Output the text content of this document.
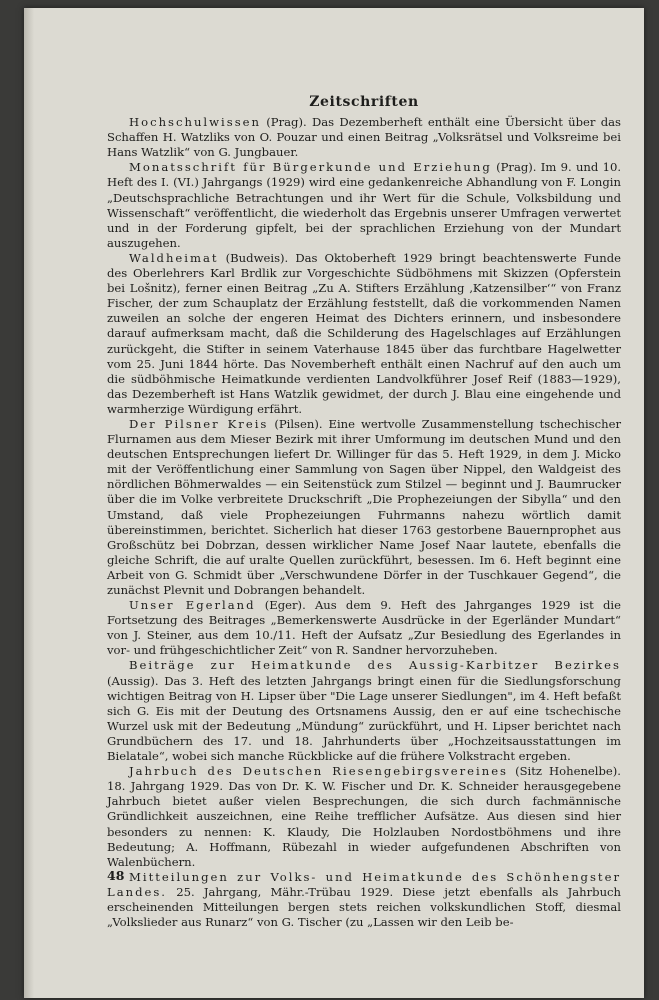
Zeitschriften

Hochschulwissen (Prag). Das Dezemberheft enthält eine Übersicht über das Schaffen H. Watzliks von O. Pouzar und einen Beitrag „Volksrätsel und Volksreime bei Hans Watzlik“ von G. Jungbauer.

Monatsschrift für Bürgerkunde und Erziehung (Prag). Im 9. und 10. Heft des I. (VI.) Jahrgangs (1929) wird eine gedankenreiche Abhandlung von F. Longin „Deutschsprachliche Betrachtungen und ihr Wert für die Schule, Volksbildung und Wissenschaft“ veröffentlicht, die wiederholt das Ergebnis unserer Umfragen verwertet und in der Forderung gipfelt, bei der sprachlichen Erziehung von der Mundart auszugehen.

Waldheimat (Budweis). Das Oktoberheft 1929 bringt beachtenswerte Funde des Oberlehrers Karl Brdlik zur Vorgeschichte Südböhmens mit Skizzen (Opferstein bei Lošnitz), ferner einen Beitrag „Zu A. Stifters Erzählung ‚Katzensilber‘“ von Franz Fischer, der zum Schauplatz der Erzählung feststellt, daß die vorkommenden Namen zuweilen an solche der engeren Heimat des Dichters erinnern, und insbesondere darauf aufmerksam macht, daß die Schilderung des Hagelschlages auf Erzählungen zurückgeht, die Stifter in seinem Vaterhause 1845 über das furchtbare Hagelwetter vom 25. Juni 1844 hörte. Das Novemberheft enthält einen Nachruf auf den auch um die südböhmische Heimatkunde verdienten Landvolkführer Josef Reif (1883—1929), das Dezemberheft ist Hans Watzlik gewidmet, der durch J. Blau eine eingehende und warmherzige Würdigung erfährt.

Der Pilsner Kreis (Pilsen). Eine wertvolle Zusammenstellung tschechischer Flurnamen aus dem Mieser Bezirk mit ihrer Umformung im deutschen Mund und den deutschen Entsprechungen liefert Dr. Willinger für das 5. Heft 1929, in dem J. Micko mit der Veröffentlichung einer Sammlung von Sagen über Nippel, den Waldgeist des nördlichen Böhmerwaldes — ein Seitenstück zum Stilzel — beginnt und J. Baumrucker über die im Volke verbreitete Druckschrift „Die Prophezeiungen der Sibylla“ und den Umstand, daß viele Prophezeiungen Fuhrmanns nahezu wörtlich damit übereinstimmen, berichtet. Sicherlich hat dieser 1763 gestorbene Bauernprophet aus Großschütz bei Dobrzan, dessen wirklicher Name Josef Naar lautete, ebenfalls die gleiche Schrift, die auf uralte Quellen zurückführt, besessen. Im 6. Heft beginnt eine Arbeit von G. Schmidt über „Verschwundene Dörfer in der Tuschkauer Gegend“, die zunächst Plevnit und Dobrangen behandelt.

Unser Egerland (Eger). Aus dem 9. Heft des Jahrganges 1929 ist die Fortsetzung des Beitrages „Bemerkenswerte Ausdrücke in der Egerländer Mundart“ von J. Steiner, aus dem 10./11. Heft der Aufsatz „Zur Besiedlung des Egerlandes in vor- und frühgeschichtlicher Zeit“ von R. Sandner hervorzuheben.

Beiträge zur Heimatkunde des Aussig-Karbitzer Bezirkes (Aussig). Das 3. Heft des letzten Jahrgangs bringt einen für die Siedlungsforschung wichtigen Beitrag von H. Lipser über "Die Lage unserer Siedlungen", im 4. Heft befaßt sich G. Eis mit der Deutung des Ortsnamens Aussig, den er auf eine tschechische Wurzel usk mit der Bedeutung „Mündung“ zurückführt, und H. Lipser berichtet nach Grundbüchern des 17. und 18. Jahrhunderts über „Hochzeitsausstattungen im Bielatale“, wobei sich manche Rückblicke auf die frühere Volkstracht ergeben.

Jahrbuch des Deutschen Riesengebirgsvereines (Sitz Hohenelbe). 18. Jahrgang 1929. Das von Dr. K. W. Fischer und Dr. K. Schneider herausgegebene Jahrbuch bietet außer vielen Besprechungen, die sich durch fachmännische Gründlichkeit auszeichnen, eine Reihe trefflicher Aufsätze. Aus diesen sind hier besonders zu nennen: K. Klaudy, Die Holzlauben Nordostböhmens und ihre Bedeutung; A. Hoffmann, Rübezahl in wieder aufgefundenen Abschriften von Walenbüchern.

Mitteilungen zur Volks- und Heimatkunde des Schönhengster Landes. 25. Jahrgang, Mähr.-Trübau 1929. Diese jetzt ebenfalls als Jahrbuch erscheinenden Mitteilungen bergen stets reichen volkskundlichen Stoff, diesmal „Volkslieder aus Runarz“ von G. Tischer (zu „Lassen wir den Leib be-

48
